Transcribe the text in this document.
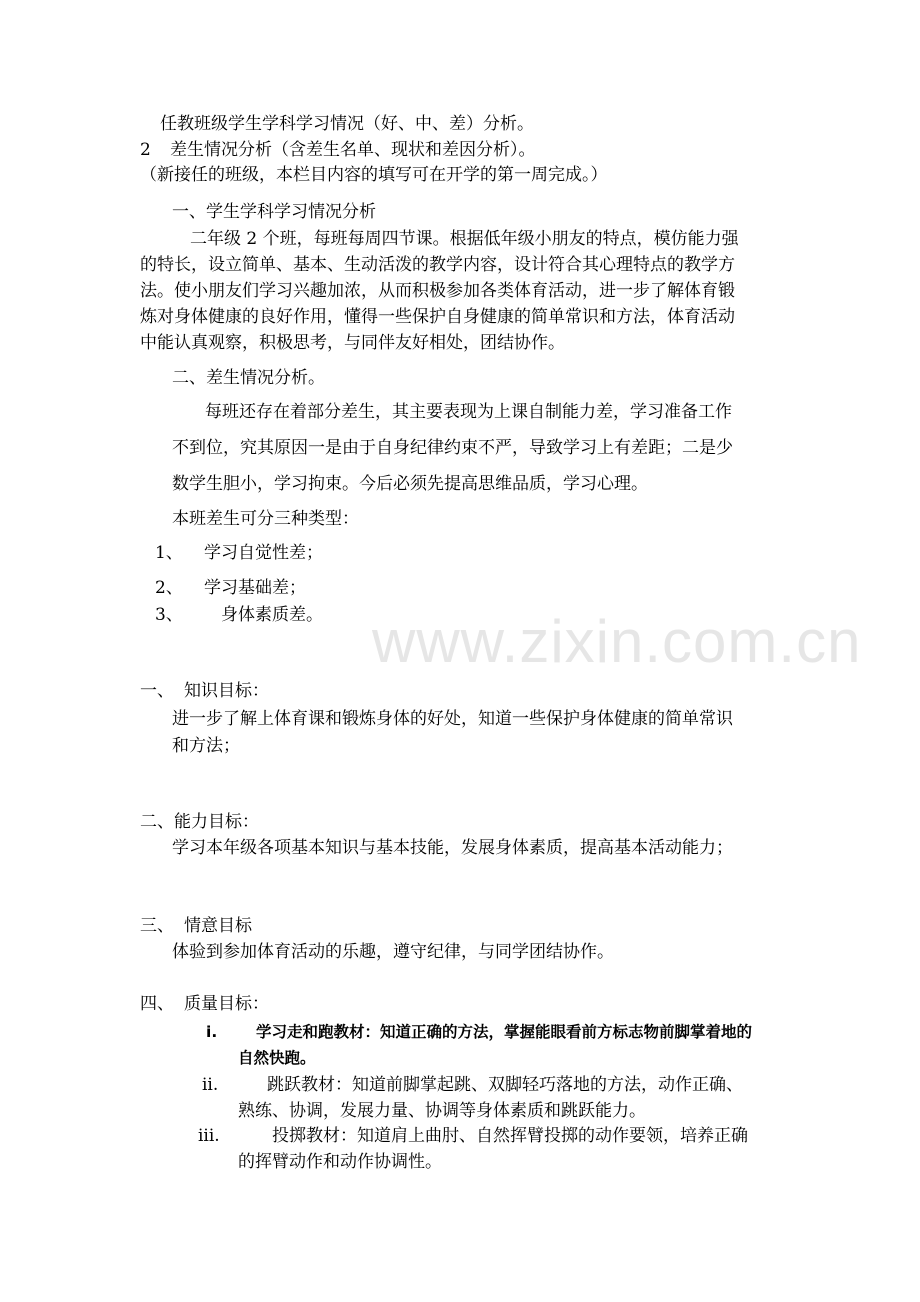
www.zixin.com.cn
任教班级学生学科学习情况（好、中、差）分析。
2 差生情况分析（含差生名单、现状和差因分析）。
（新接任的班级，本栏目内容的填写可在开学的第一周完成。）
一、学生学科学习情况分析
二年级 2 个班，每班每周四节课。根据低年级小朋友的特点，模仿能力强
的特长，设立简单、基本、生动活泼的教学内容，设计符合其心理特点的教学方
法。使小朋友们学习兴趣加浓，从而积极参加各类体育活动，进一步了解体育锻
炼对身体健康的良好作用，懂得一些保护自身健康的简单常识和方法，体育活动
中能认真观察，积极思考，与同伴友好相处，团结协作。
二、差生情况分析。
每班还存在着部分差生，其主要表现为上课自制能力差，学习准备工作
不到位，究其原因一是由于自身纪律约束不严，导致学习上有差距；二是少
数学生胆小，学习拘束。今后必须先提高思维品质，学习心理。
本班差生可分三种类型：
1、 学习自觉性差；
2、 学习基础差；
3、 身体素质差。
一、 知识目标：
进一步了解上体育课和锻炼身体的好处，知道一些保护身体健康的简单常识
和方法；
二、能力目标：
学习本年级各项基本知识与基本技能，发展身体素质，提高基本活动能力；
三、 情意目标
体验到参加体育活动的乐趣，遵守纪律，与同学团结协作。
四、 质量目标：
i.	学习走和跑教材：知道正确的方法，掌握能眼看前方标志物前脚掌着地的
自然快跑。
ii.	跳跃教材：知道前脚掌起跳、双脚轻巧落地的方法，动作正确、
熟练、协调，发展力量、协调等身体素质和跳跃能力。
iii.	投掷教材：知道肩上曲肘、自然挥臂投掷的动作要领，培养正确
的挥臂动作和动作协调性。
